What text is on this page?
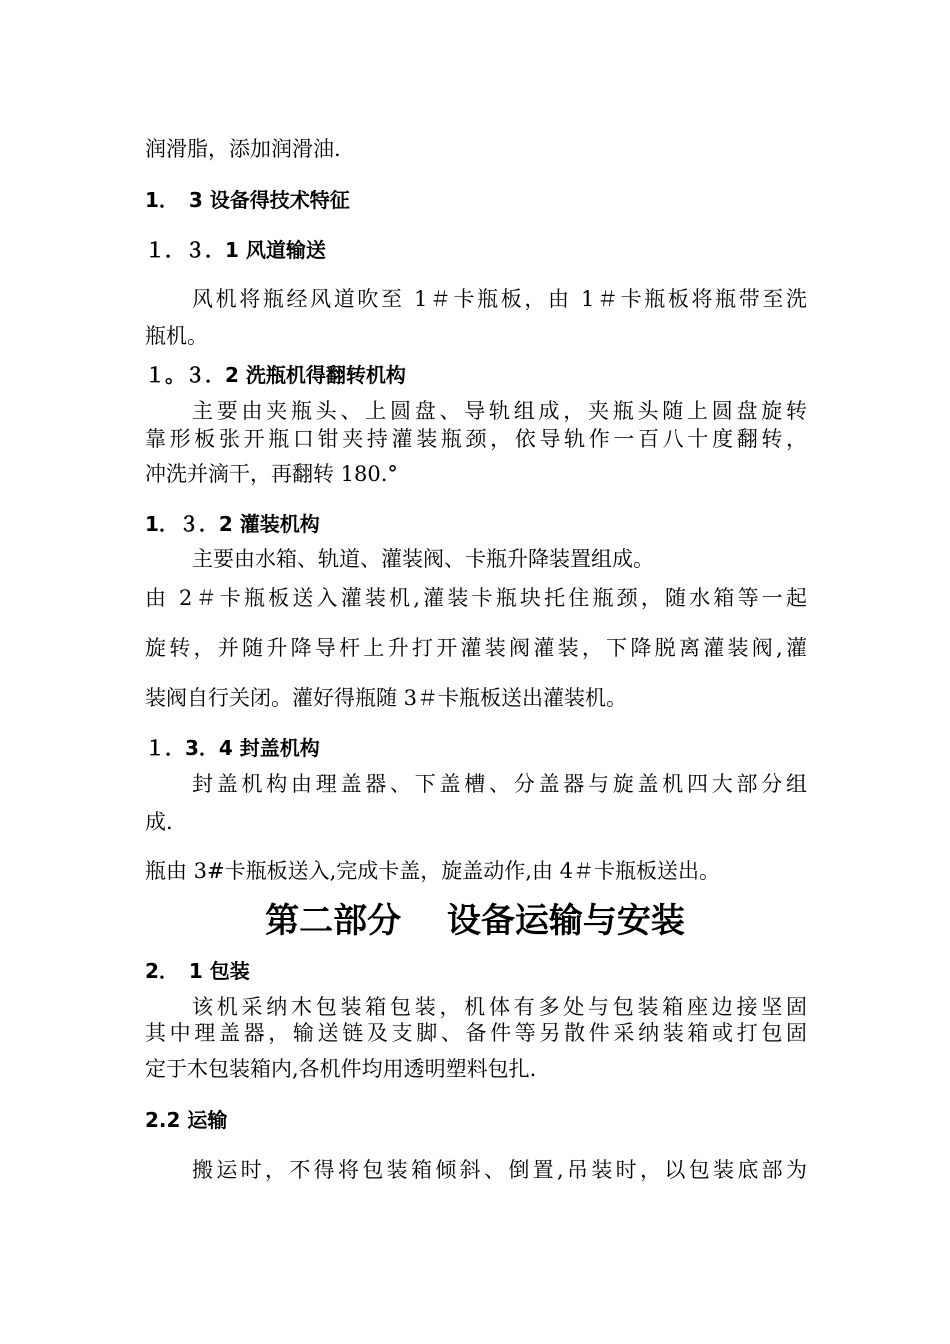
润滑脂，添加润滑油.
1．　3 设备得技术特征
１．３．1 风道输送
风机将瓶经风道吹至 1＃卡瓶板，由 1＃卡瓶板将瓶带至洗
瓶机。
１。３．2 洗瓶机得翻转机构
主要由夹瓶头、上圆盘、导轨组成，夹瓶头随上圆盘旋转
靠形板张开瓶口钳夹持灌装瓶颈，依导轨作一百八十度翻转，
冲洗并滴干，再翻转 180.°
1．３．2 灌装机构
主要由水箱、轨道、灌装阀、卡瓶升降装置组成。
由 2＃卡瓶板送入灌装机,灌装卡瓶块托住瓶颈，随水箱等一起
旋转，并随升降导杆上升打开灌装阀灌装，下降脱离灌装阀,灌
装阀自行关闭。灌好得瓶随 3＃卡瓶板送出灌装机。
１．3．4 封盖机构
封盖机构由理盖器、下盖槽、分盖器与旋盖机四大部分组
成.
瓶由 3#卡瓶板送入,完成卡盖，旋盖动作,由 4＃卡瓶板送出。
第二部分　 设备运输与安装
2．　1 包装
该机采纳木包装箱包装，机体有多处与包装箱座边接坚固
其中理盖器，输送链及支脚、备件等另散件采纳装箱或打包固
定于木包装箱内,各机件均用透明塑料包扎.
2.2 运输
搬运时，不得将包装箱倾斜、倒置,吊装时，以包装底部为
